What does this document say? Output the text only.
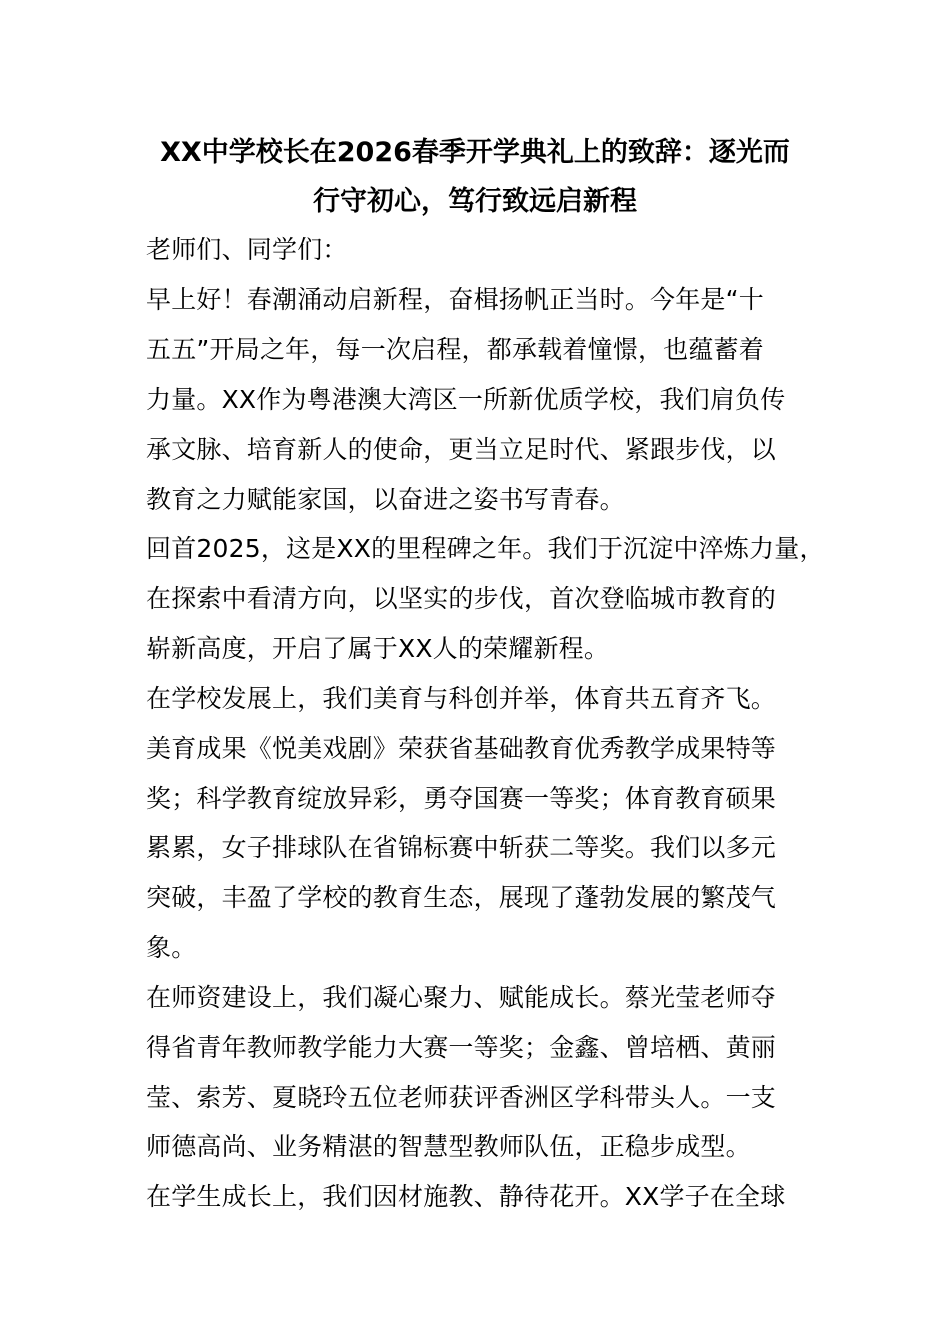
XX中学校长在2026春季开学典礼上的致辞：逐光而
行守初心，笃行致远启新程
老师们、同学们：
早上好！春潮涌动启新程，奋楫扬帆正当时。今年是“十
五五”开局之年，每一次启程，都承载着憧憬，也蕴蓄着
力量。XX作为粤港澳大湾区一所新优质学校，我们肩负传
承文脉、培育新人的使命，更当立足时代、紧跟步伐，以
教育之力赋能家国，以奋进之姿书写青春。
回首2025，这是XX的里程碑之年。我们于沉淀中淬炼力量，
在探索中看清方向，以坚实的步伐，首次登临城市教育的
崭新高度，开启了属于XX人的荣耀新程。
在学校发展上，我们美育与科创并举，体育共五育齐飞。
美育成果《悦美戏剧》荣获省基础教育优秀教学成果特等
奖；科学教育绽放异彩，勇夺国赛一等奖；体育教育硕果
累累，女子排球队在省锦标赛中斩获二等奖。我们以多元
突破，丰盈了学校的教育生态，展现了蓬勃发展的繁茂气
象。
在师资建设上，我们凝心聚力、赋能成长。蔡光莹老师夺
得省青年教师教学能力大赛一等奖；金鑫、曾培栖、黄丽
莹、索芳、夏晓玲五位老师获评香洲区学科带头人。一支
师德高尚、业务精湛的智慧型教师队伍，正稳步成型。
在学生成长上，我们因材施教、静待花开。XX学子在全球
